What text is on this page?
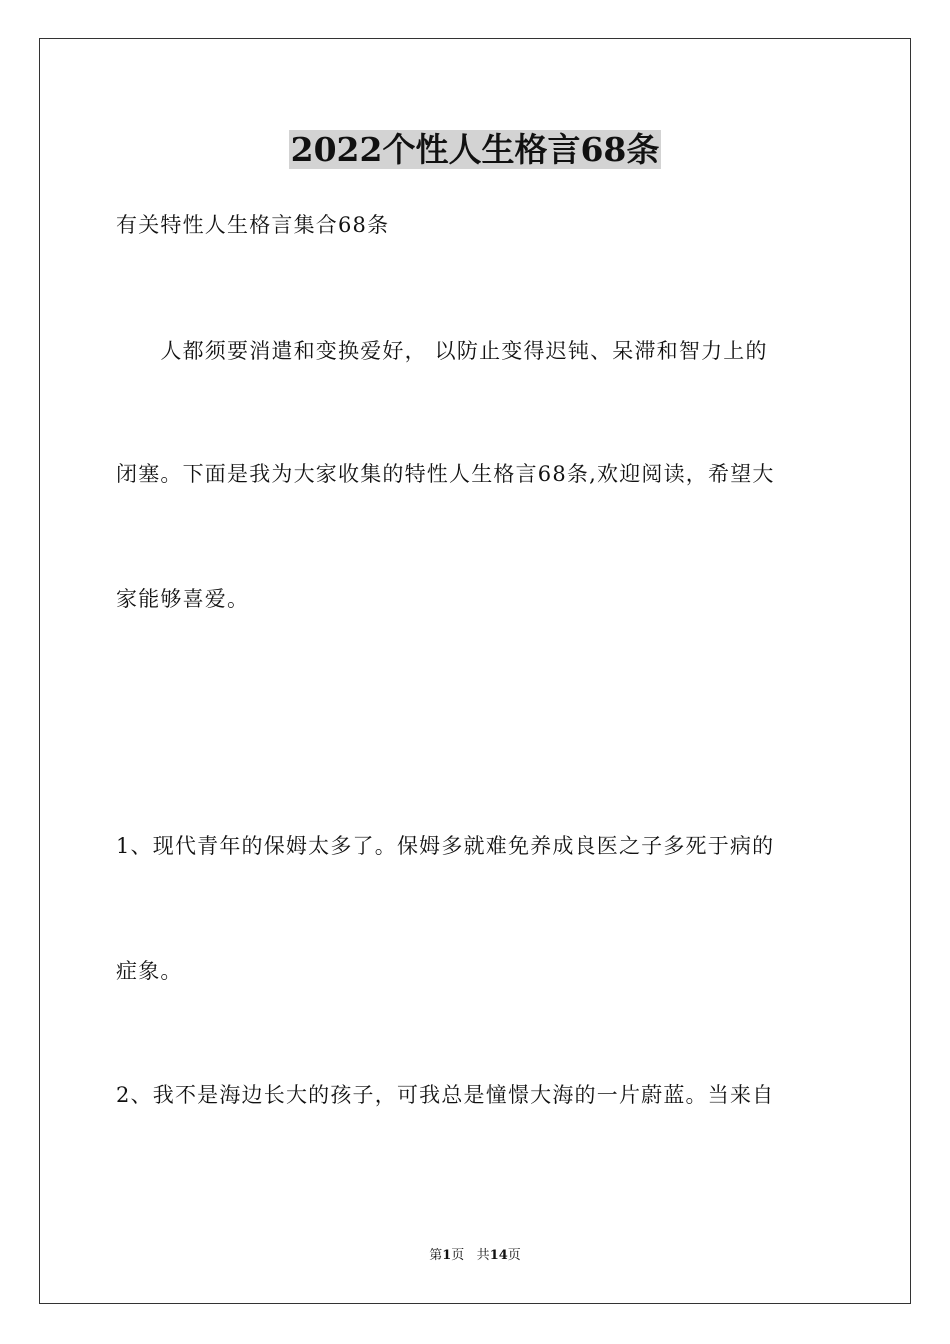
2022个性人生格言68条
有关特性人生格言集合68条
　　人都须要消遣和变换爱好， 以防止变得迟钝、呆滞和智力上的
闭塞。下面是我为大家收集的特性人生格言68条,欢迎阅读，希望大
家能够喜爱。
1、现代青年的保姆太多了。保姆多就难免养成良医之子多死于病的
症象。
2、我不是海边长大的孩子，可我总是憧憬大海的一片蔚蓝。当来自
第1页 共14页
